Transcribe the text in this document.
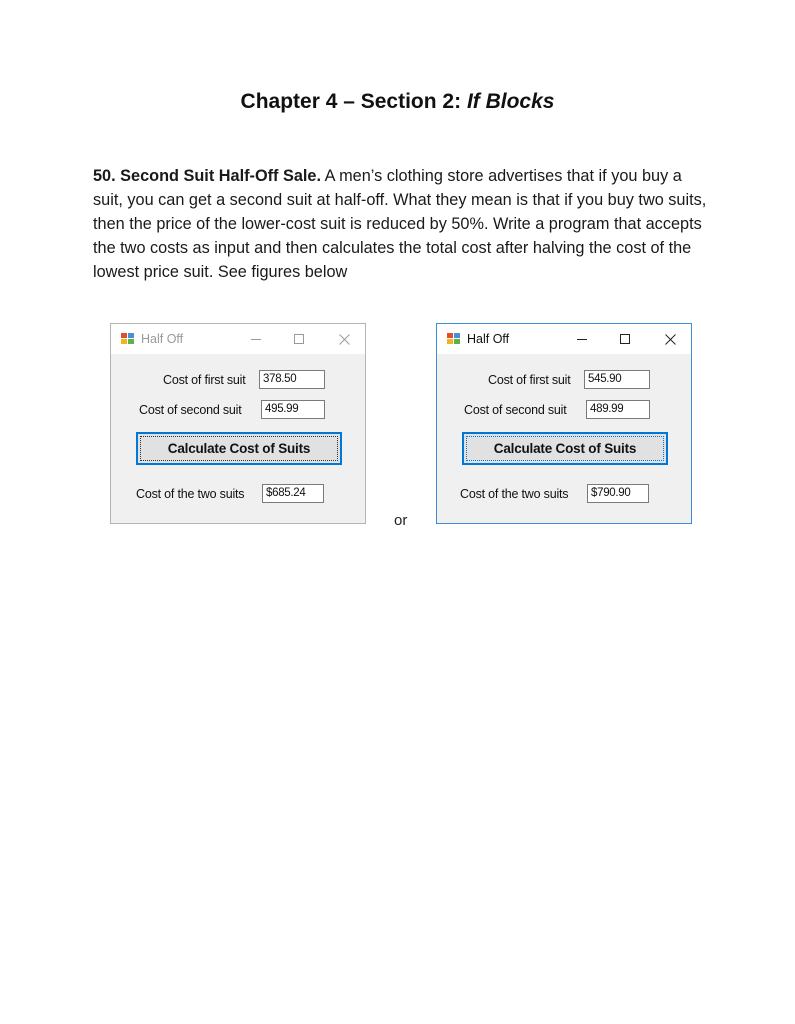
Chapter 4 – Section 2: If Blocks
50. Second Suit Half-Off Sale. A men’s clothing store advertises that if you buy a suit, you can get a second suit at half-off. What they mean is that if you buy two suits, then the price of the lower-cost suit is reduced by 50%. Write a program that accepts the two costs as input and then calculates the total cost after halving the cost of the lowest price suit. See figures below
Half Off
Cost of first suit	378.50
Cost of second suit	495.99
Calculate Cost of Suits
Cost of the two suits	$685.24
Half Off
Cost of first suit	545.90
Cost of second suit	489.99
Calculate Cost of Suits
Cost of the two suits	$790.90
or
